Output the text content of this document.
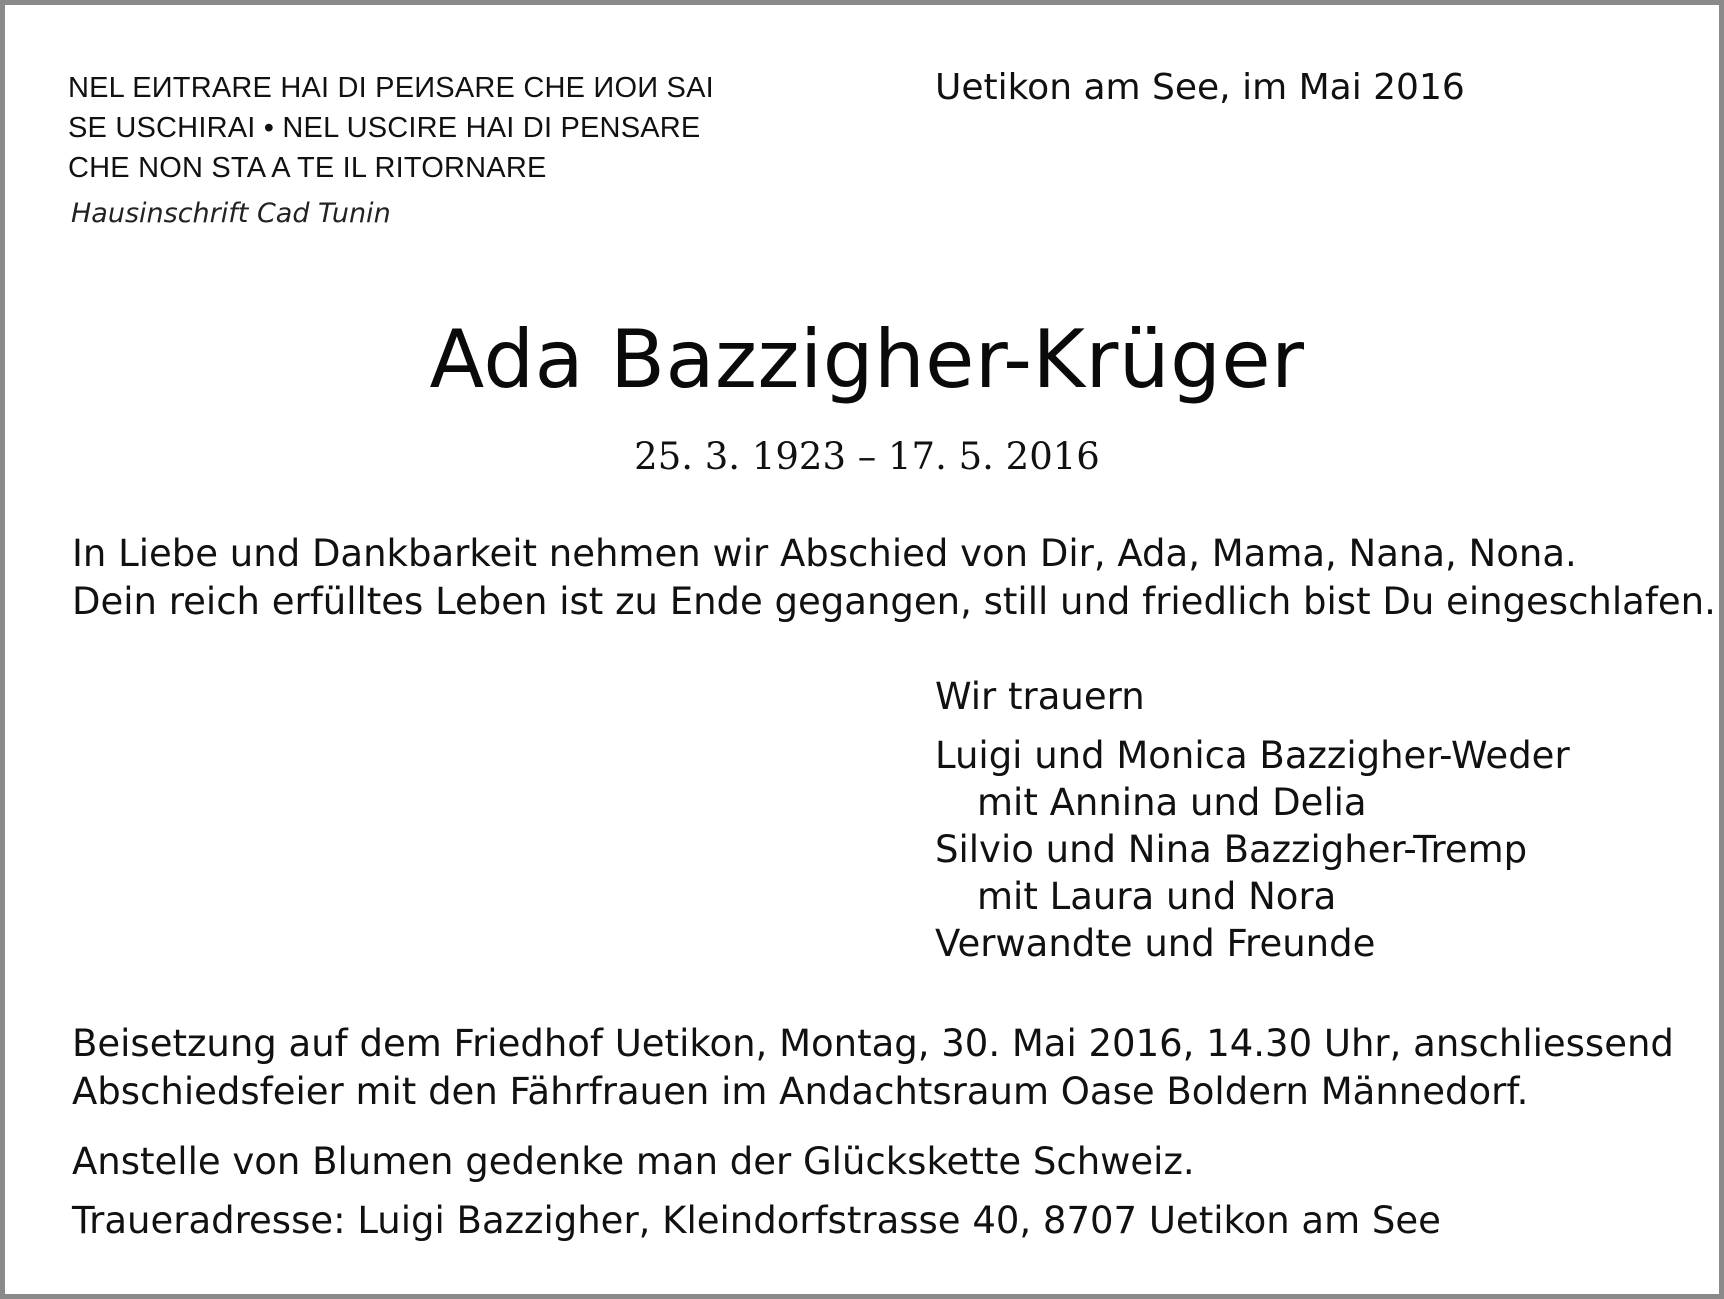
NEL EИTRARE HAI DI PEИSARE CHE ИOИ SAI
SE USCHIRAI • NEL USCIRE HAI DI PENSARE
CHE NON STA A TE IL RITORNARE
Hausinschrift Cad Tunin
Uetikon am See, im Mai 2016
Ada Bazzigher-Krüger
25. 3. 1923 – 17. 5. 2016
In Liebe und Dankbarkeit nehmen wir Abschied von Dir, Ada, Mama, Nana, Nona.
Dein reich erfülltes Leben ist zu Ende gegangen, still und friedlich bist Du eingeschlafen.
Wir trauern
Luigi und Monica Bazzigher-Weder
mit Annina und Delia
Silvio und Nina Bazzigher-Tremp
mit Laura und Nora
Verwandte und Freunde
Beisetzung auf dem Friedhof Uetikon, Montag, 30. Mai 2016, 14.30 Uhr, anschliessend
Abschiedsfeier mit den Fährfrauen im Andachtsraum Oase Boldern Männedorf.
Anstelle von Blumen gedenke man der Glückskette Schweiz.
Traueradresse: Luigi Bazzigher, Kleindorfstrasse 40, 8707 Uetikon am See
